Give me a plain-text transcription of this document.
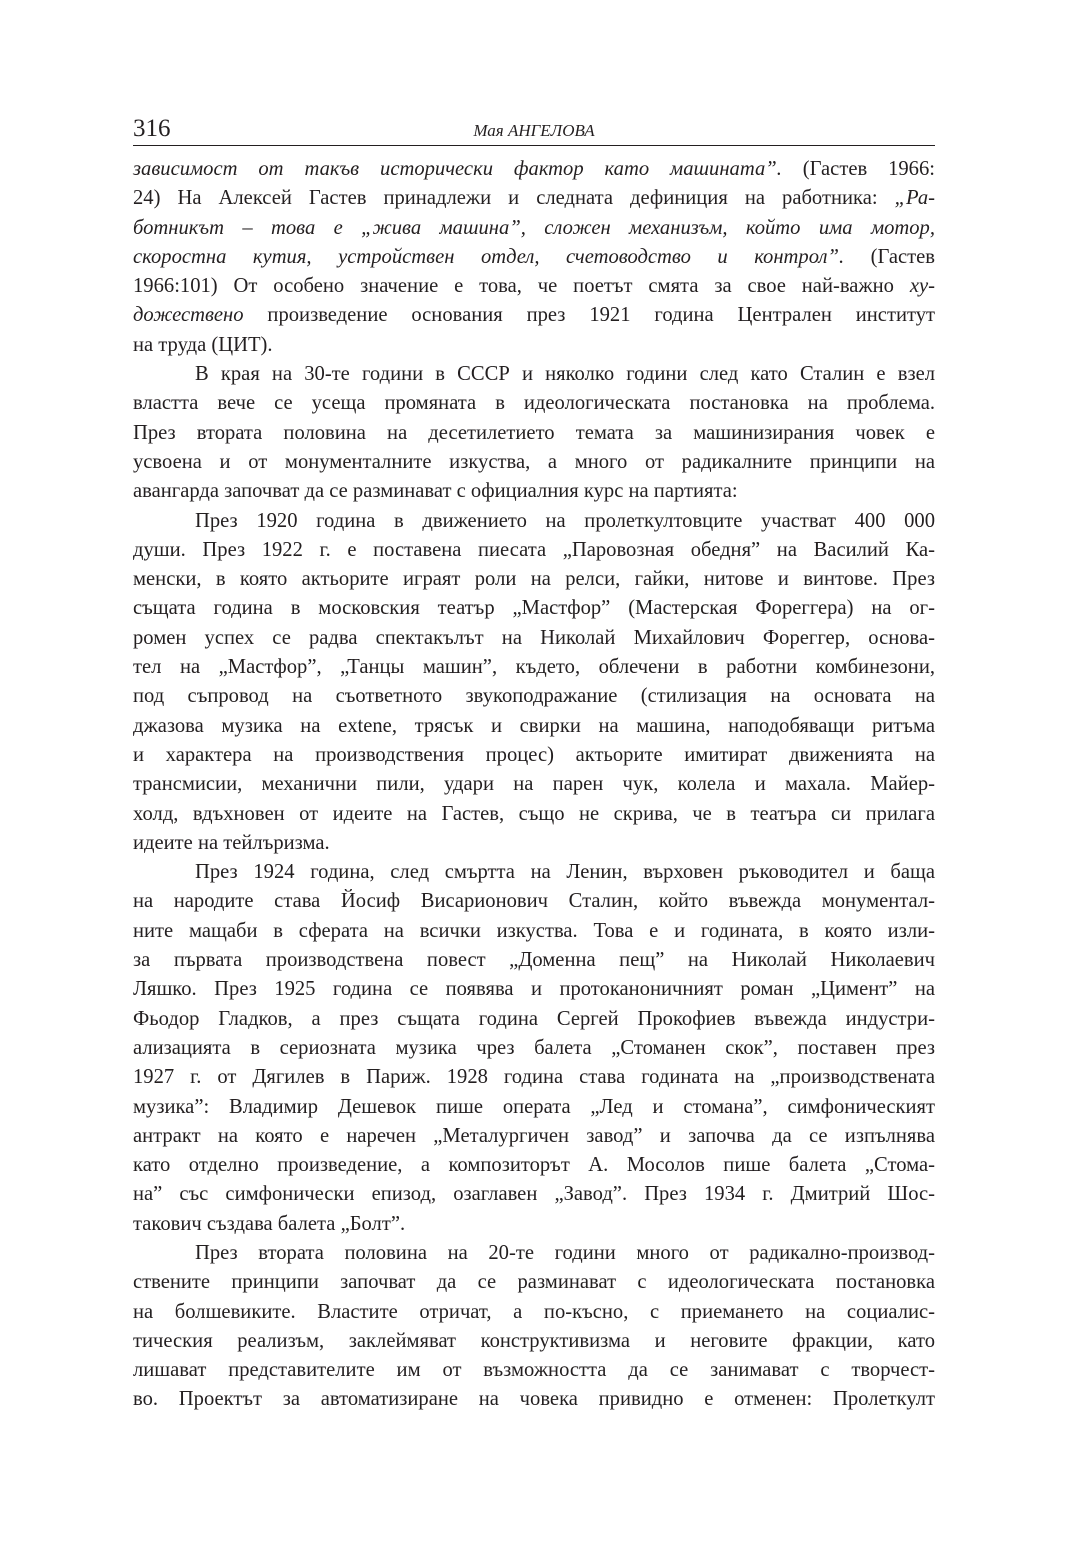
316	Мая АНГЕЛОВА

зависимост от такъв исторически фактор като машината”. (Гастев 1966:
24) На Алексей Гастев принадлежи и следната дефиниция на работника: „Ра-
ботникът – това е „жива машина”, сложен механизъм, който има мотор,
скоростна кутия, устройствен отдел, счетоводство и контрол”. (Гастев
1966:101) От особено значение е това, че поетът смята за свое най-важно ху-
дожествено произведение основания през 1921 година Централен институт
на труда (ЦИТ).

В края на 30-те години в СССР и няколко години след като Сталин е взел
властта вече се усеща промяната в идеологическата постановка на проблема.
През втората половина на десетилетието темата за машинизирания човек е
усвоена и от монументалните изкуства, а много от радикалните принципи на
авангарда започват да се разминават с официалния курс на партията:

През 1920 година в движението на пролеткултовците участват 400 000
души. През 1922 г. е поставена пиесата „Паровозная обедня” на Василий Ка-
менски, в която актьорите играят роли на релси, гайки, нитове и винтове. През
същата година в московския театър „Мастфор” (Мастерская Фореггера) на ог-
ромен успех се радва спектакълът на Николай Михайлович Фореггер, основа-
тел на „Мастфор”, „Танцы машин”, където, облечени в работни комбинезони,
под съпровод на съответното звукоподражание (стилизация на основата на
джазова музика на extene, трясък и свирки на машина, наподобяващи ритъма
и характера на производствения процес) актьорите имитират движенията на
трансмисии, механични пили, удари на парен чук, колела и махала. Майер-
холд, вдъхновен от идеите на Гастев, също не скрива, че в театъра си прилага
идеите на тейлъризма.

През 1924 година, след смъртта на Ленин, върховен ръководител и баща
на народите става Йосиф Висарионович Сталин, който въвежда монументал-
ните мащаби в сферата на всички изкуства. Това е и годината, в която изли-
за първата производствена повест „Доменна пещ” на Николай Николаевич
Ляшко. През 1925 година се появява и протоканоничният роман „Цимент” на
Фьодор Гладков, а през същата година Сергей Прокофиев въвежда индустри-
ализацията в сериозната музика чрез балета „Стоманен скок”, поставен през
1927 г. от Дягилев в Париж. 1928 година става годината на „производствената
музика”: Владимир Дешевок пише операта „Лед и стомана”, симфоническият
антракт на която е наречен „Металургичен завод” и започва да се изпълнява
като отделно произведение, а композиторът А. Мосолов пише балета „Стома-
на” със симфонически епизод, озаглавен „Завод”. През 1934 г. Дмитрий Шос-
такович създава балета „Болт”.

През втората половина на 20-те години много от радикално-производ-
ствените принципи започват да се разминават с идеологическата постановка
на болшевиките. Властите отричат, а по-късно, с приемането на социалис-
тическия реализъм, заклеймяват конструктивизма и неговите фракции, като
лишават представителите им от възможността да се занимават с творчест-
во. Проектът за автоматизиране на човека привидно е отменен: Пролеткулт
